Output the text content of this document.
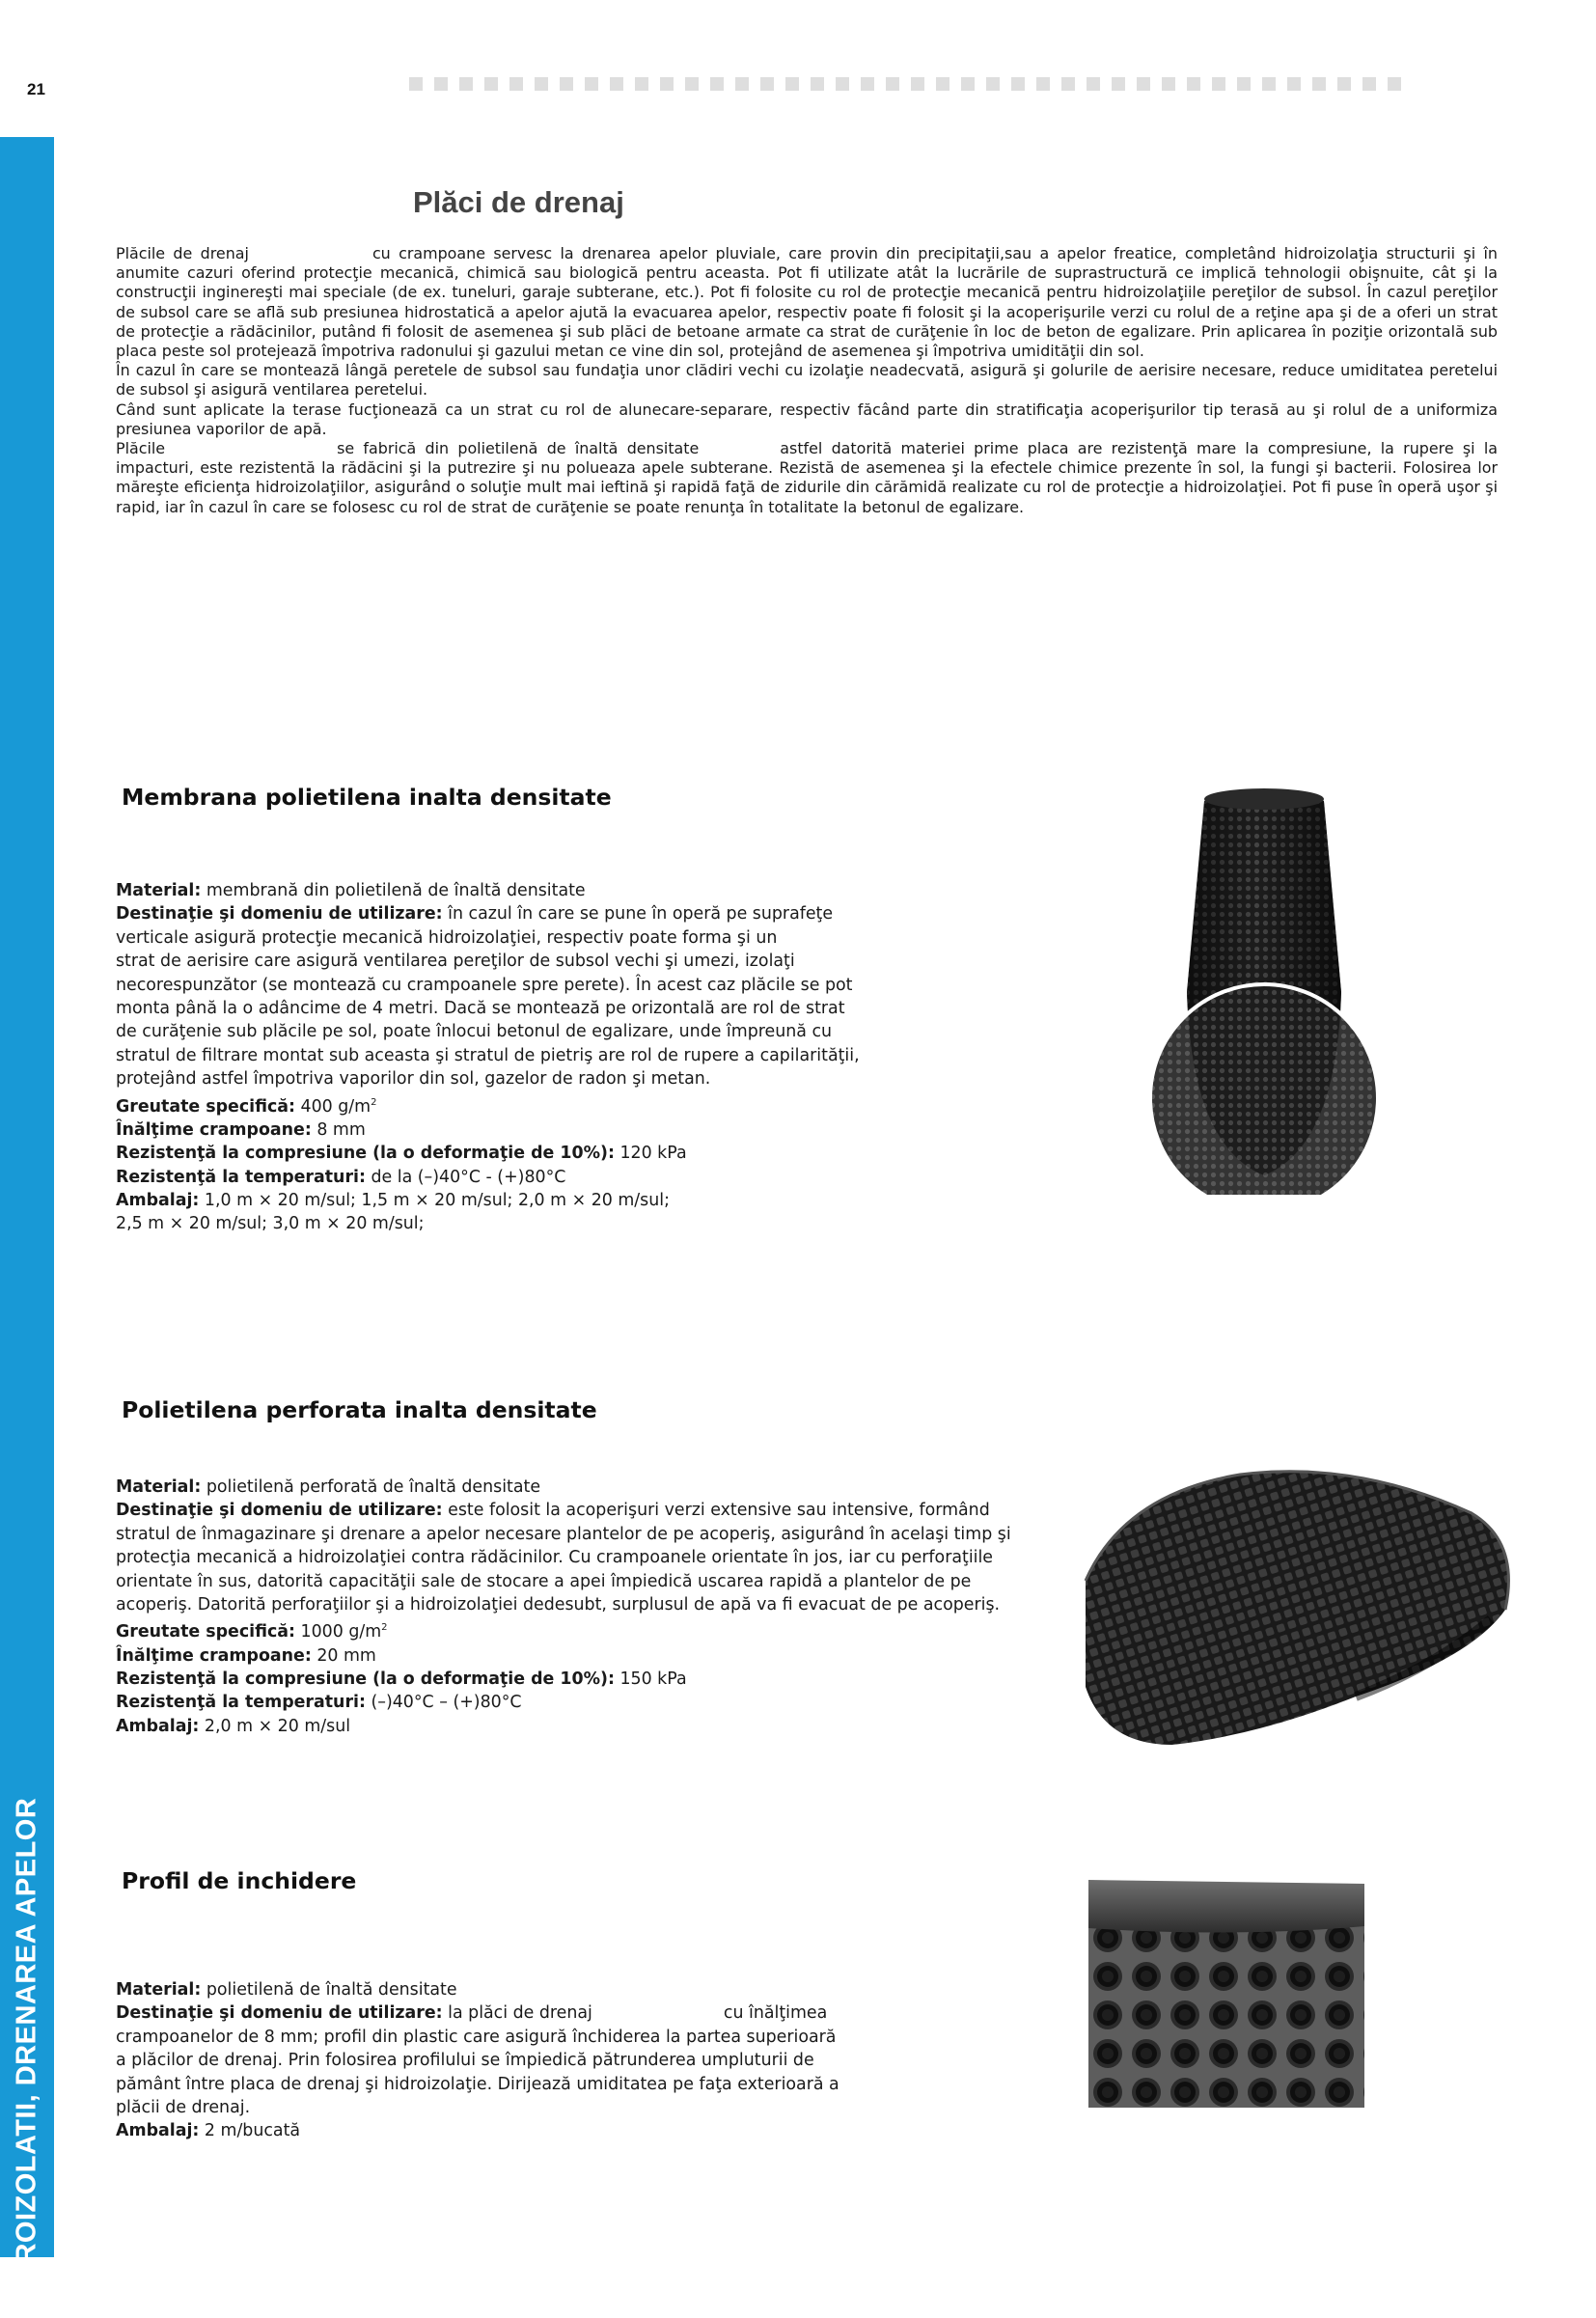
HIDROIZOLATII, DRENAREA APELOR
21
Plăci de drenaj

Plăcile de drenaj	cu crampoane servesc la drenarea apelor pluviale, care provin din precipitaţii,sau a apelor freatice, completând hidroizolaţia structurii şi în anumite cazuri oferind protecţie mecanică, chimică sau biologică pentru aceasta. Pot fi utilizate atât la lucrările de suprastructură ce implică tehnologii obişnuite, cât şi la construcţii inginereşti mai speciale (de ex. tuneluri, garaje subterane, etc.). Pot fi folosite cu rol de protecţie mecanică pentru hidroizolaţiile pereţilor de subsol. În cazul pereţilor de subsol care se află sub presiunea hidrostatică a apelor ajută la evacuarea apelor, respectiv poate fi folosit şi la acoperişurile verzi cu rolul de a reţine apa şi de a oferi un strat de protecţie a rădăcinilor, putând fi folosit de asemenea şi sub plăci de betoane armate ca strat de curăţenie în loc de beton de egalizare. Prin aplicarea în poziţie orizontală sub placa peste sol protejează împotriva radonului şi gazului metan ce vine din sol, protejând de asemenea şi împotriva umidităţii din sol.

În cazul în care se montează lângă peretele de subsol sau fundaţia unor clădiri vechi cu izolaţie neadecvată, asigură şi golurile de aerisire necesare, reduce umiditatea peretelui de subsol şi asigură ventilarea peretelui.

Când sunt aplicate la terase fucţionează ca un strat cu rol de alunecare-separare, respectiv făcând parte din stratificaţia acoperişurilor tip terasă au şi rolul de a uniformiza presiunea vaporilor de apă.

Plăcile	se fabrică din polietilenă de înaltă densitate	astfel datorită materiei prime placa are rezistenţă mare la compresiune, la rupere şi la impacturi, este rezistentă la rădăcini şi la putrezire şi nu polueaza apele subterane. Rezistă de asemenea şi la efectele chimice prezente în sol, la fungi şi bacterii. Folosirea lor măreşte eficienţa hidroizolaţiilor, asigurând o soluţie mult mai ieftină şi rapidă faţă de zidurile din cărămidă realizate cu rol de protecţie a hidroizolaţiei. Pot fi puse în operă uşor şi rapid, iar în cazul în care se folosesc cu rol de strat de curăţenie se poate renunţa în totalitate la betonul de egalizare.

Membrana polietilena inalta densitate
Material: membrană din polietilenă de înaltă densitate
Destinaţie şi domeniu de utilizare: în cazul în care se pune în operă pe suprafeţe
verticale asigură protecţie mecanică hidroizolaţiei, respectiv poate forma şi un
strat de aerisire care asigură ventilarea pereţilor de subsol vechi şi umezi, izolaţi
necorespunzător (se montează cu crampoanele spre perete). În acest caz plăcile se pot
monta până la o adâncime de 4 metri. Dacă se montează pe orizontală are rol de strat
de curăţenie sub plăcile pe sol, poate înlocui betonul de egalizare, unde împreună cu
stratul de filtrare montat sub aceasta şi stratul de pietriş are rol de rupere a capilarităţii,
protejând astfel împotriva vaporilor din sol, gazelor de radon şi metan.
Greutate specifică: 400 $g/m^2$
Înălţime crampoane: 8 mm
Rezistenţă la compresiune (la o deformaţie de 10%): 120 kPa
Rezistenţă la temperaturi: de la (–)40°C - (+)80°C
Ambalaj: 1,0 m × 20 m/sul; 1,5 m × 20 m/sul; 2,0 m × 20 m/sul;
2,5 m × 20 m/sul; 3,0 m × 20 m/sul;
Polietilena perforata inalta densitate
Material: polietilenă perforată de înaltă densitate
Destinaţie şi domeniu de utilizare: este folosit la acoperişuri verzi extensive sau intensive, formând
stratul de înmagazinare şi drenare a apelor necesare plantelor de pe acoperiş, asigurând în acelaşi timp şi
protecţia mecanică a hidroizolaţiei contra rădăcinilor. Cu crampoanele orientate în jos, iar cu perforaţiile
orientate în sus, datorită capacităţii sale de stocare a apei împiedică uscarea rapidă a plantelor de pe
acoperiş. Datorită perforaţiilor şi a hidroizolaţiei dedesubt, surplusul de apă va fi evacuat de pe acoperiş.
Greutate specifică: 1000 $g/m^2$
Înălţime crampoane: 20 mm
Rezistenţă la compresiune (la o deformaţie de 10%): 150 kPa
Rezistenţă la temperaturi: (–)40°C – (+)80°C
Ambalaj: 2,0 m × 20 m/sul
Profil de inchidere
Material: polietilenă de înaltă densitate
Destinaţie şi domeniu de utilizare: la plăci de drenaj	cu înălţimea
crampoanelor de 8 mm; profil din plastic care asigură închiderea la partea superioară
a plăcilor de drenaj. Prin folosirea profilului se împiedică pătrunderea umpluturii de
pământ între placa de drenaj şi hidroizolaţie. Dirijează umiditatea pe faţa exterioară a
plăcii de drenaj.
Ambalaj: 2 m/bucată
